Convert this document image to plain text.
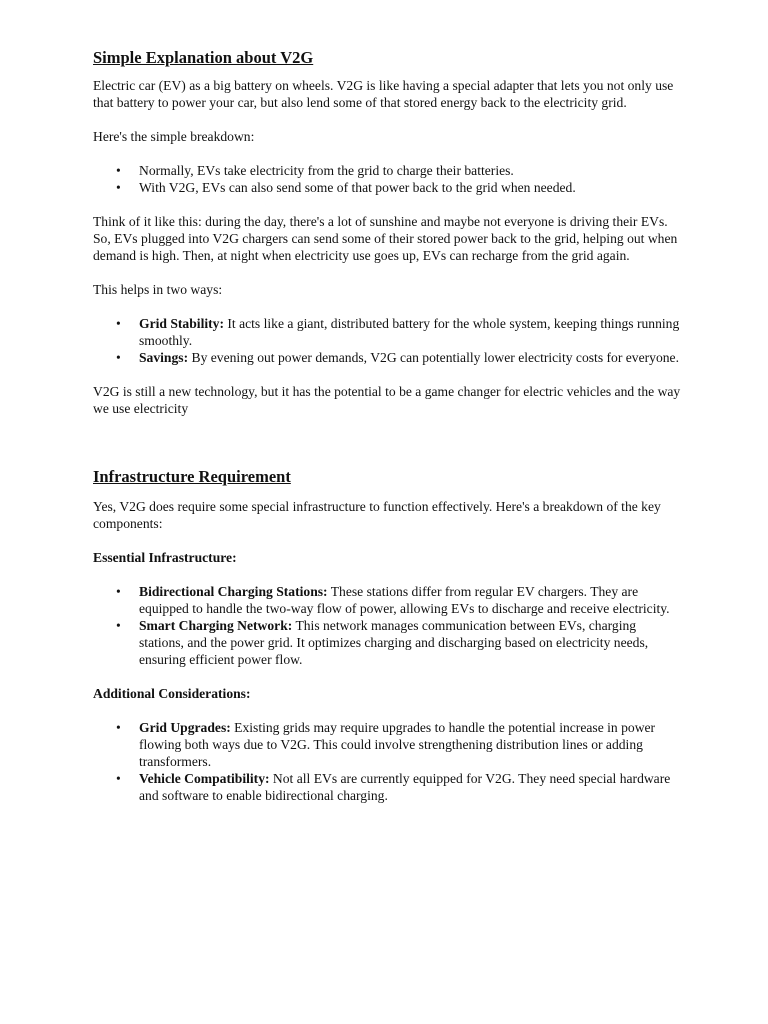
Simple Explanation about V2G

Electric car (EV) as a big battery on wheels. V2G is like having a special adapter that lets you not only use that battery to power your car, but also lend some of that stored energy back to the electricity grid.

Here's the simple breakdown:

• Normally, EVs take electricity from the grid to charge their batteries.
• With V2G, EVs can also send some of that power back to the grid when needed.

Think of it like this: during the day, there's a lot of sunshine and maybe not everyone is driving their EVs. So, EVs plugged into V2G chargers can send some of their stored power back to the grid, helping out when demand is high. Then, at night when electricity use goes up, EVs can recharge from the grid again.

This helps in two ways:

• Grid Stability: It acts like a giant, distributed battery for the whole system, keeping things running smoothly.
• Savings: By evening out power demands, V2G can potentially lower electricity costs for everyone.

V2G is still a new technology, but it has the potential to be a game changer for electric vehicles and the way we use electricity

Infrastructure Requirement

Yes, V2G does require some special infrastructure to function effectively. Here's a breakdown of the key components:

Essential Infrastructure:

• Bidirectional Charging Stations: These stations differ from regular EV chargers. They are equipped to handle the two-way flow of power, allowing EVs to discharge and receive electricity.
• Smart Charging Network: This network manages communication between EVs, charging stations, and the power grid. It optimizes charging and discharging based on electricity needs, ensuring efficient power flow.

Additional Considerations:

• Grid Upgrades: Existing grids may require upgrades to handle the potential increase in power flowing both ways due to V2G. This could involve strengthening distribution lines or adding transformers.
• Vehicle Compatibility: Not all EVs are currently equipped for V2G. They need special hardware and software to enable bidirectional charging.
